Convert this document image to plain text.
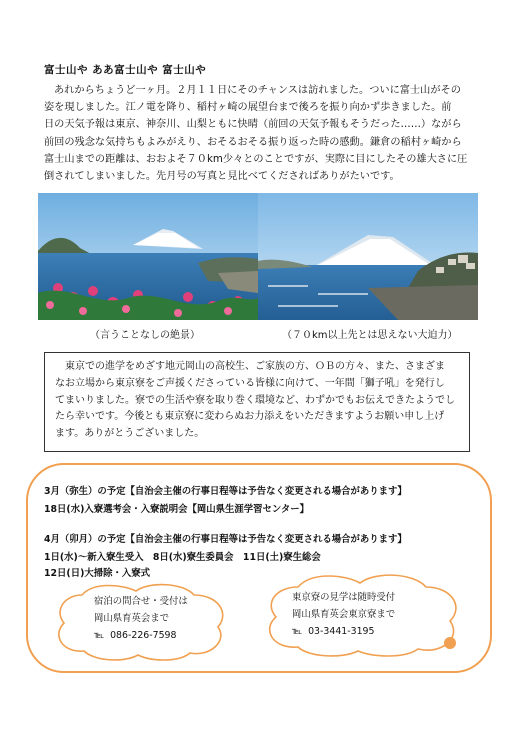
富士山や ああ富士山や 富士山や
あれからちょうど一ヶ月。２月１１日にそのチャンスは訪れました。ついに富士山がその
姿を現しました。江ノ電を降り、稲村ヶ崎の展望台まで後ろを振り向かず歩きました。前
日の天気予報は東京、神奈川、山梨ともに快晴（前回の天気予報もそうだった……）ながら
前回の残念な気持ちもよみがえり、おそるおそる振り返った時の感動。鎌倉の稲村ヶ崎から
富士山までの距離は、おおよそ７０km少々とのことですが、実際に目にしたその雄大さに圧
倒されてしまいました。先月号の写真と見比べてくださればありがたいです。
（言うことなしの絶景）	（７０km以上先とは思えない大迫力）
　東京での進学をめざす地元岡山の高校生、ご家族の方、ＯＢの方々、また、さまざま
なお立場から東京寮をご声援くださっている皆様に向けて、一年間「獅子吼」を発行し
てまいりました。寮での生活や寮を取り巻く環境など、わずかでもお伝えできたようでし
たら幸いです。今後とも東京寮に変わらぬお力添えをいただきますようお願い申し上げ
ます。ありがとうございました。
3月（弥生）の予定【自治会主催の行事日程等は予告なく変更される場合があります】
18日(水)入寮選考会・入寮説明会【岡山県生涯学習センター】
4月（卯月）の予定【自治会主催の行事日程等は予告なく変更される場合があります】
1日(水)～新入寮生受入　8日(水)寮生委員会　11日(土)寮生総会
12日(日)大掃除・入寮式
宿泊の問合せ・受付は
岡山県育英会まで
℡ 086-226-7598
東京寮の見学は随時受付
岡山県育英会東京寮まで
℡ 03-3441-3195
